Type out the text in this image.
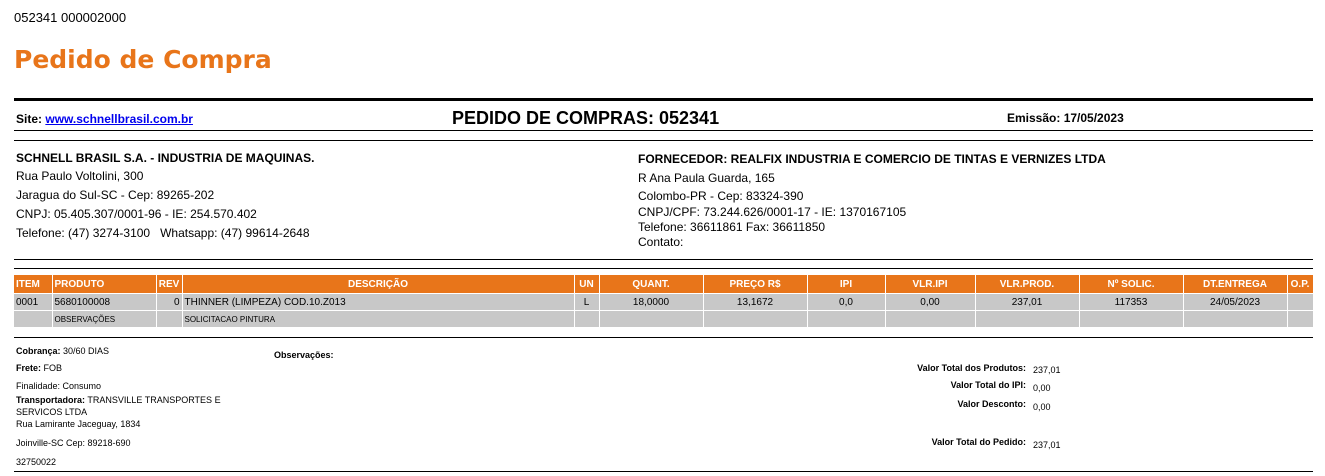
052341 000002000
Pedido de Compra
Site: www.schnellbrasil.com.br	PEDIDO DE COMPRAS: 052341	Emissão: 17/05/2023
SCHNELL BRASIL S.A. - INDUSTRIA DE MAQUINAS.
Rua Paulo Voltolini, 300
Jaragua do Sul-SC - Cep: 89265-202
CNPJ: 05.405.307/0001-96 - IE: 254.570.402
Telefone: (47) 3274-3100   Whatsapp: (47) 99614-2648
FORNECEDOR: REALFIX INDUSTRIA E COMERCIO DE TINTAS E VERNIZES LTDA
R Ana Paula Guarda, 165
Colombo-PR - Cep: 83324-390
CNPJ/CPF: 73.244.626/0001-17 - IE: 1370167105
Telefone: 36611861 Fax: 36611850
Contato:
ITEM	PRODUTO	REV	DESCRIÇÃO	UN	QUANT.	PREÇO R$	IPI	VLR.IPI	VLR.PROD.	Nº SOLIC.	DT.ENTREGA	O.P.
0001	5680100008	0	THINNER (LIMPEZA) COD.10.Z013	L	18,0000	13,1672	0,0	0,00	237,01	117353	24/05/2023	
	OBSERVAÇÕES		SOLICITACAO PINTURA									
Cobrança: 30/60 DIAS	Observações:
Frete: FOB
Finalidade: Consumo
Transportadora: TRANSVILLE TRANSPORTES E
SERVICOS LTDA
Rua Lamirante Jaceguay, 1834
Joinville-SC Cep: 89218-690
32750022
Valor Total dos Produtos: 237,01
Valor Total do IPI: 0,00
Valor Desconto: 0,00
Valor Total do Pedido: 237,01
